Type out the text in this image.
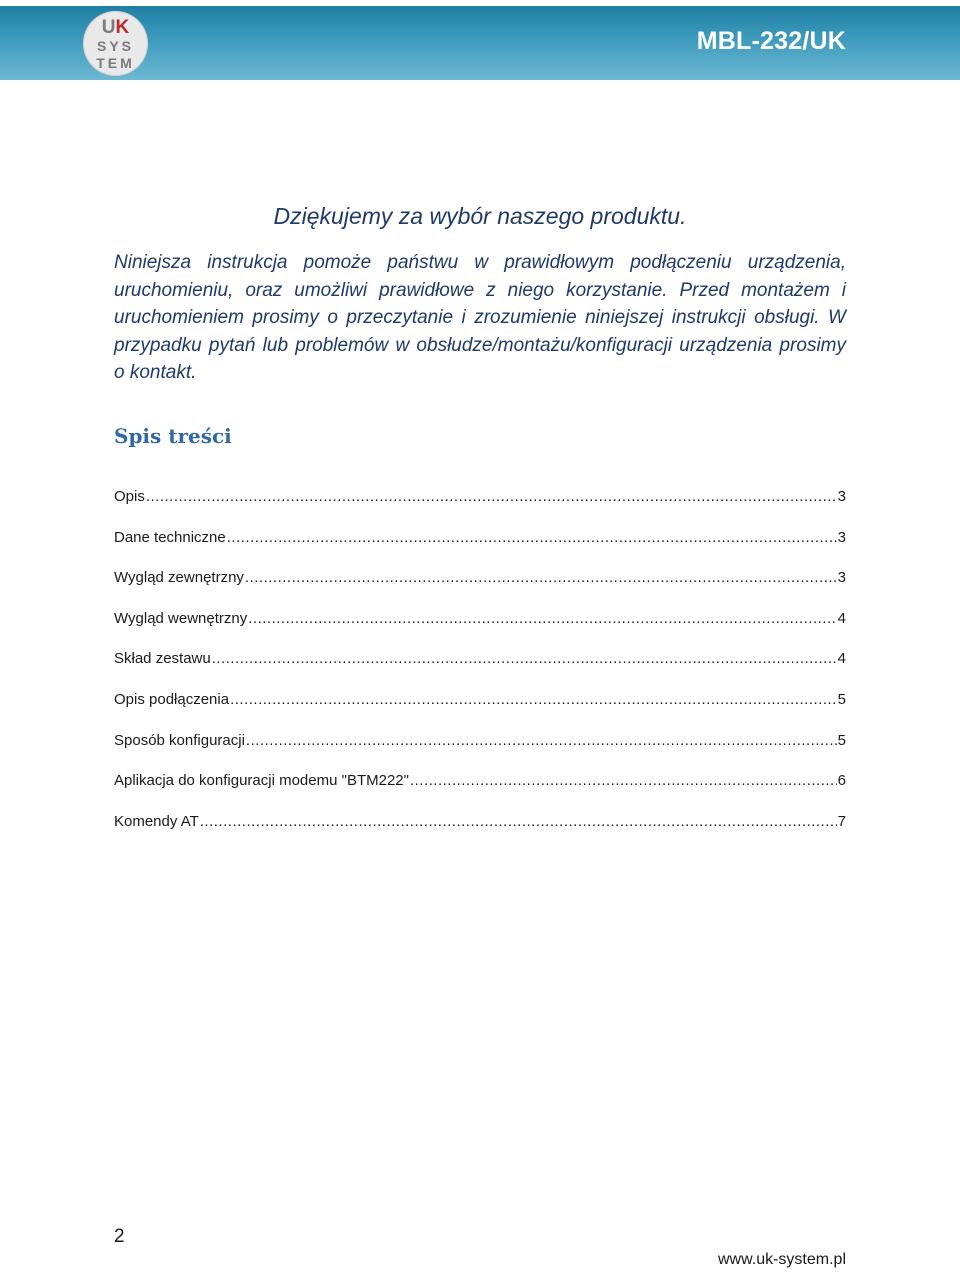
UK
SYS
TEM
MBL-232/UK
Dziękujemy za wybór naszego produktu.
Niniejsza instrukcja pomoże państwu w prawidłowym podłączeniu urządzenia, uruchomieniu, oraz umożliwi prawidłowe z niego korzystanie. Przed montażem i uruchomieniem prosimy o przeczytanie i zrozumienie niniejszej instrukcji obsługi. W przypadku pytań lub problemów w obsłudze/montażu/konfiguracji urządzenia prosimy o kontakt.
Spis treści
Opis .....	3
Dane techniczne .....	3
Wygląd zewnętrzny .....	3
Wygląd wewnętrzny .....	4
Skład zestawu .....	4
Opis podłączenia .....	5
Sposób konfiguracji .....	5
Aplikacja do konfiguracji modemu "BTM222" .....	6
Komendy AT .....	7
2
www.uk-system.pl
